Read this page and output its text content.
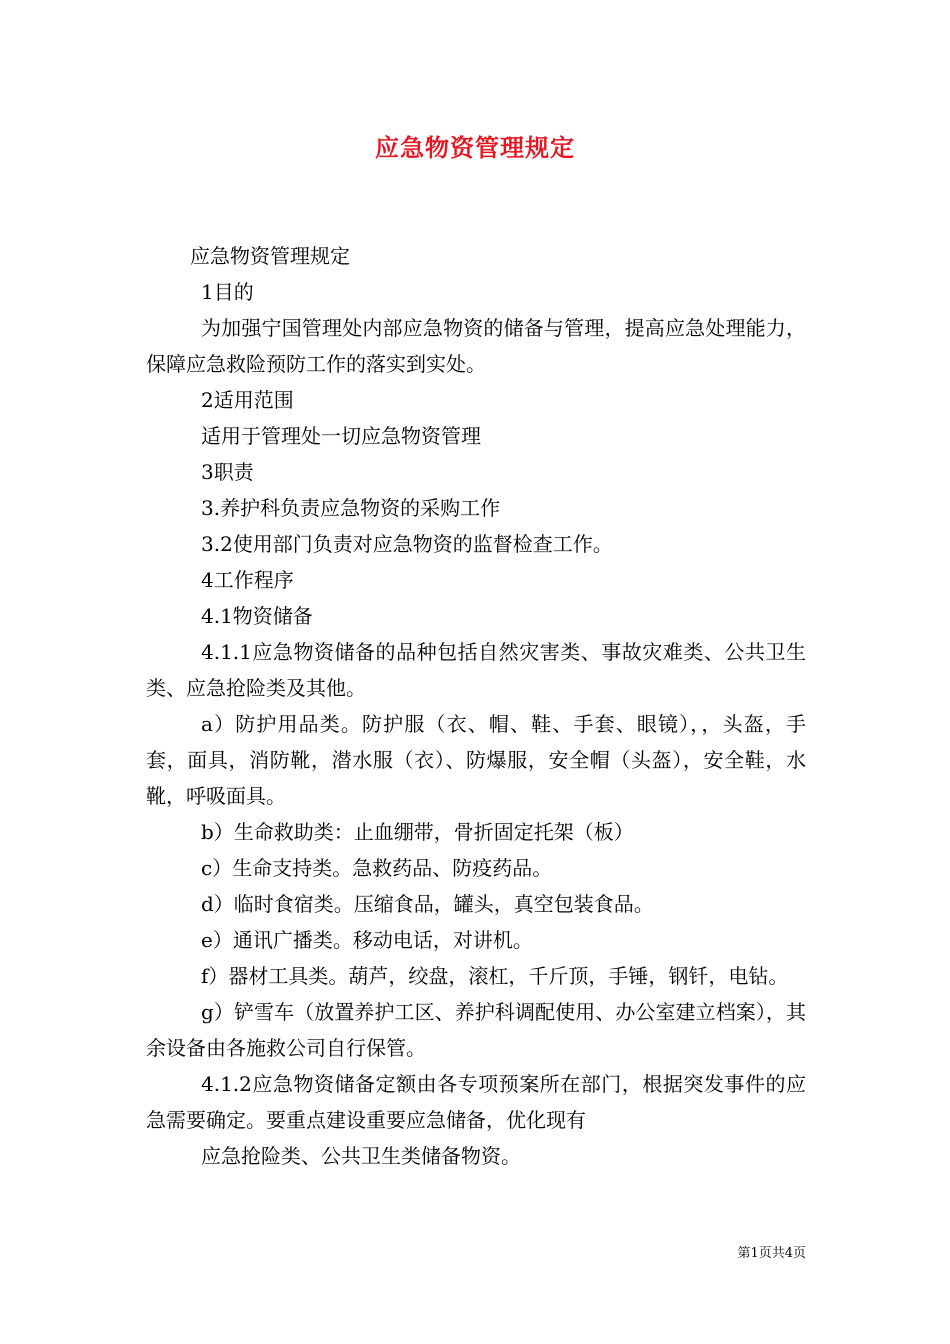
应急物资管理规定

应急物资管理规定

1目的

为加强宁国管理处内部应急物资的储备与管理，提高应急处理能力，保障应急救险预防工作的落实到实处。

2适用范围

适用于管理处一切应急物资管理

3职责

3.养护科负责应急物资的采购工作

3.2使用部门负责对应急物资的监督检查工作。

4工作程序

4.1物资储备

4.1.1应急物资储备的品种包括自然灾害类、事故灾难类、公共卫生类、应急抢险类及其他。

a）防护用品类。防护服（衣、帽、鞋、手套、眼镜），，头盔，手套，面具，消防靴，潜水服（衣）、防爆服，安全帽（头盔），安全鞋，水靴，呼吸面具。

b）生命救助类：止血绷带，骨折固定托架（板）

c）生命支持类。急救药品、防疫药品。

d）临时食宿类。压缩食品，罐头，真空包装食品。

e）通讯广播类。移动电话，对讲机。

f）器材工具类。葫芦，绞盘，滚杠，千斤顶，手锤，钢钎，电钻。

g）铲雪车（放置养护工区、养护科调配使用、办公室建立档案），其余设备由各施救公司自行保管。

4.1.2应急物资储备定额由各专项预案所在部门，根据突发事件的应急需要确定。要重点建设重要应急储备，优化现有

应急抢险类、公共卫生类储备物资。

第1页共4页
